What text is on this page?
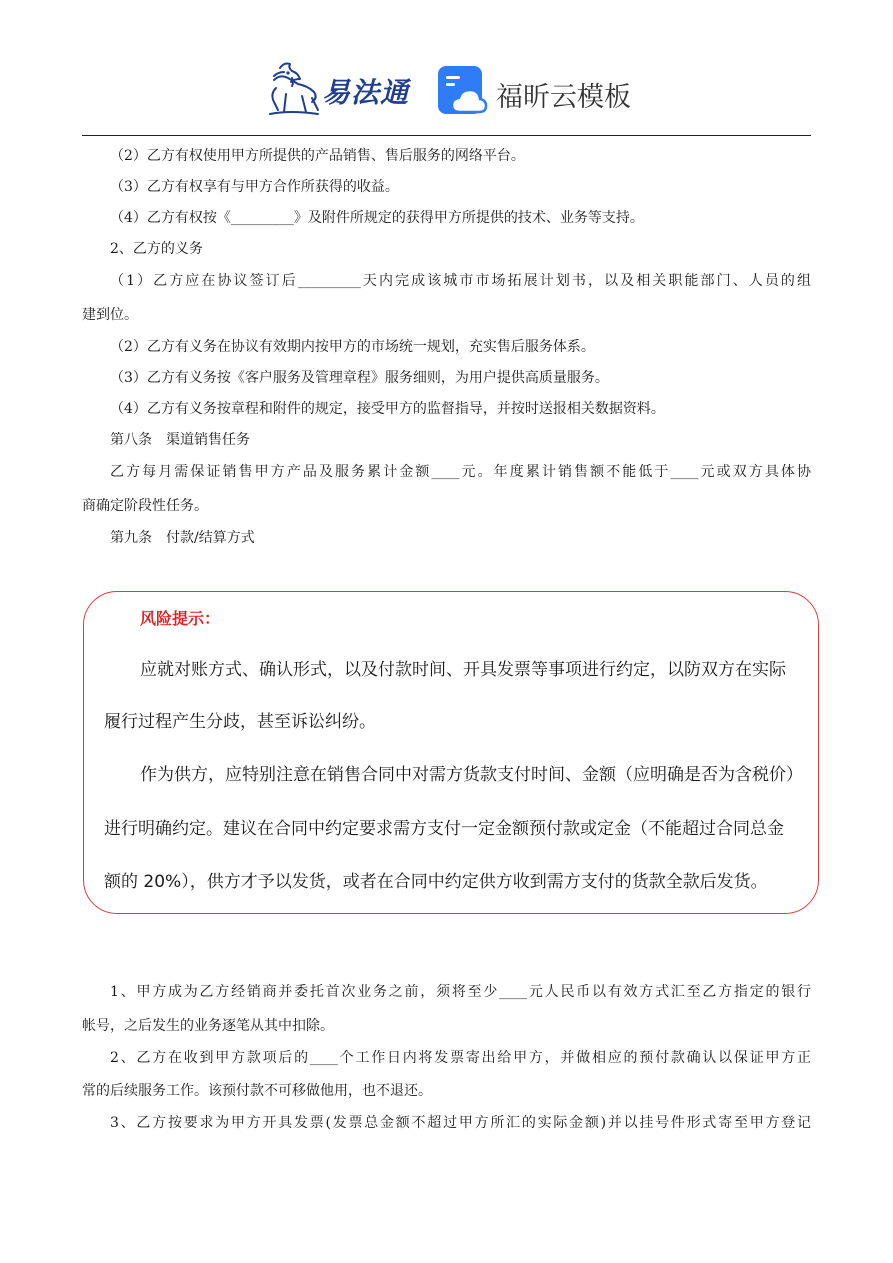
易法通	福昕云模板
（2）乙方有权使用甲方所提供的产品销售、售后服务的网络平台。
（3）乙方有权享有与甲方合作所获得的收益。
（4）乙方有权按《_________》及附件所规定的获得甲方所提供的技术、业务等支持。
2、乙方的义务
（1）乙方应在协议签订后_________天内完成该城市市场拓展计划书，以及相关职能部门、人员的组
建到位。
（2）乙方有义务在协议有效期内按甲方的市场统一规划，充实售后服务体系。
（3）乙方有义务按《客户服务及管理章程》服务细则，为用户提供高质量服务。
（4）乙方有义务按章程和附件的规定，接受甲方的监督指导，并按时送报相关数据资料。
第八条　渠道销售任务
乙方每月需保证销售甲方产品及服务累计金额____元。年度累计销售额不能低于____元或双方具体协
商确定阶段性任务。
第九条　付款/结算方式
风险提示：
应就对账方式、确认形式，以及付款时间、开具发票等事项进行约定，以防双方在实际
履行过程产生分歧，甚至诉讼纠纷。
作为供方，应特别注意在销售合同中对需方货款支付时间、金额（应明确是否为含税价）
进行明确约定。建议在合同中约定要求需方支付一定金额预付款或定金（不能超过合同总金
额的 20%），供方才予以发货，或者在合同中约定供方收到需方支付的货款全款后发货。
1、甲方成为乙方经销商并委托首次业务之前，须将至少____元人民币以有效方式汇至乙方指定的银行
帐号，之后发生的业务逐笔从其中扣除。
2、乙方在收到甲方款项后的____个工作日内将发票寄出给甲方，并做相应的预付款确认以保证甲方正
常的后续服务工作。该预付款不可移做他用，也不退还。
3、乙方按要求为甲方开具发票(发票总金额不超过甲方所汇的实际金额)并以挂号件形式寄至甲方登记
